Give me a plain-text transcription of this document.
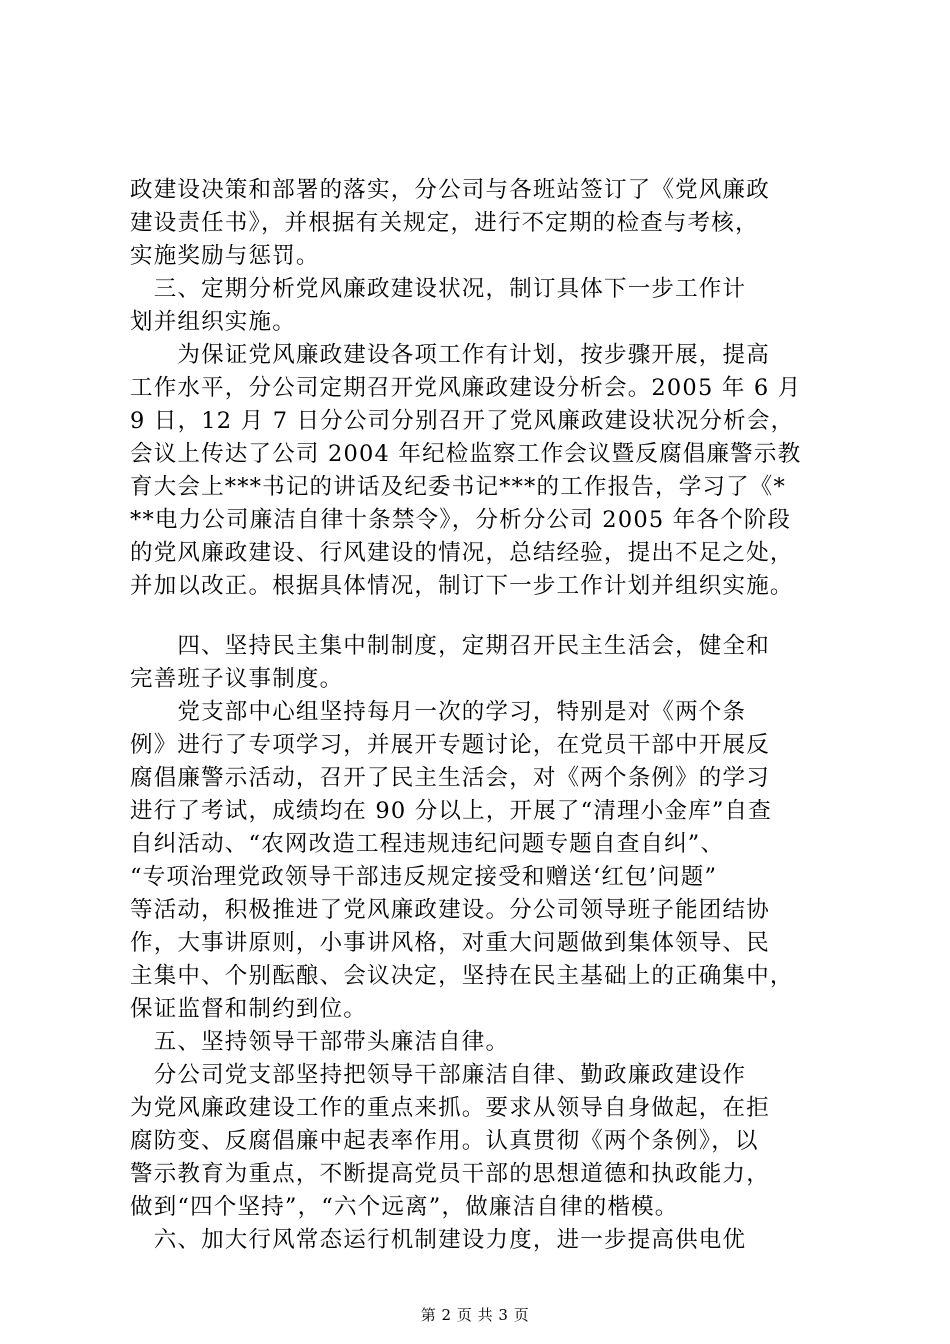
政建设决策和部署的落实，分公司与各班站签订了《党风廉政
建设责任书》，并根据有关规定，进行不定期的检查与考核，
实施奖励与惩罚。
　三、定期分析党风廉政建设状况，制订具体下一步工作计
划并组织实施。
　　为保证党风廉政建设各项工作有计划，按步骤开展，提高
工作水平，分公司定期召开党风廉政建设分析会。2005 年 6 月
9 日，12 月 7 日分公司分别召开了党风廉政建设状况分析会，
会议上传达了公司 2004 年纪检监察工作会议暨反腐倡廉警示教
育大会上***书记的讲话及纪委书记***的工作报告，学习了《*
**电力公司廉洁自律十条禁令》，分析分公司 2005 年各个阶段
的党风廉政建设、行风建设的情况，总结经验，提出不足之处，
并加以改正。根据具体情况，制订下一步工作计划并组织实施。
　　四、坚持民主集中制制度，定期召开民主生活会，健全和
完善班子议事制度。
　　党支部中心组坚持每月一次的学习，特别是对《两个条
例》进行了专项学习，并展开专题讨论，在党员干部中开展反
腐倡廉警示活动，召开了民主生活会，对《两个条例》的学习
进行了考试，成绩均在 90 分以上，开展了“清理小金库”自查
自纠活动、“农网改造工程违规违纪问题专题自查自纠”、
“专项治理党政领导干部违反规定接受和赠送‘红包’问题”
等活动，积极推进了党风廉政建设。分公司领导班子能团结协
作，大事讲原则，小事讲风格，对重大问题做到集体领导、民
主集中、个别酝酿、会议决定，坚持在民主基础上的正确集中，
保证监督和制约到位。
　五、坚持领导干部带头廉洁自律。
　分公司党支部坚持把领导干部廉洁自律、勤政廉政建设作
为党风廉政建设工作的重点来抓。要求从领导自身做起，在拒
腐防变、反腐倡廉中起表率作用。认真贯彻《两个条例》，以
警示教育为重点，不断提高党员干部的思想道德和执政能力，
做到“四个坚持”，“六个远离”，做廉洁自律的楷模。
　六、加大行风常态运行机制建设力度，进一步提高供电优
第 2 页 共 3 页
